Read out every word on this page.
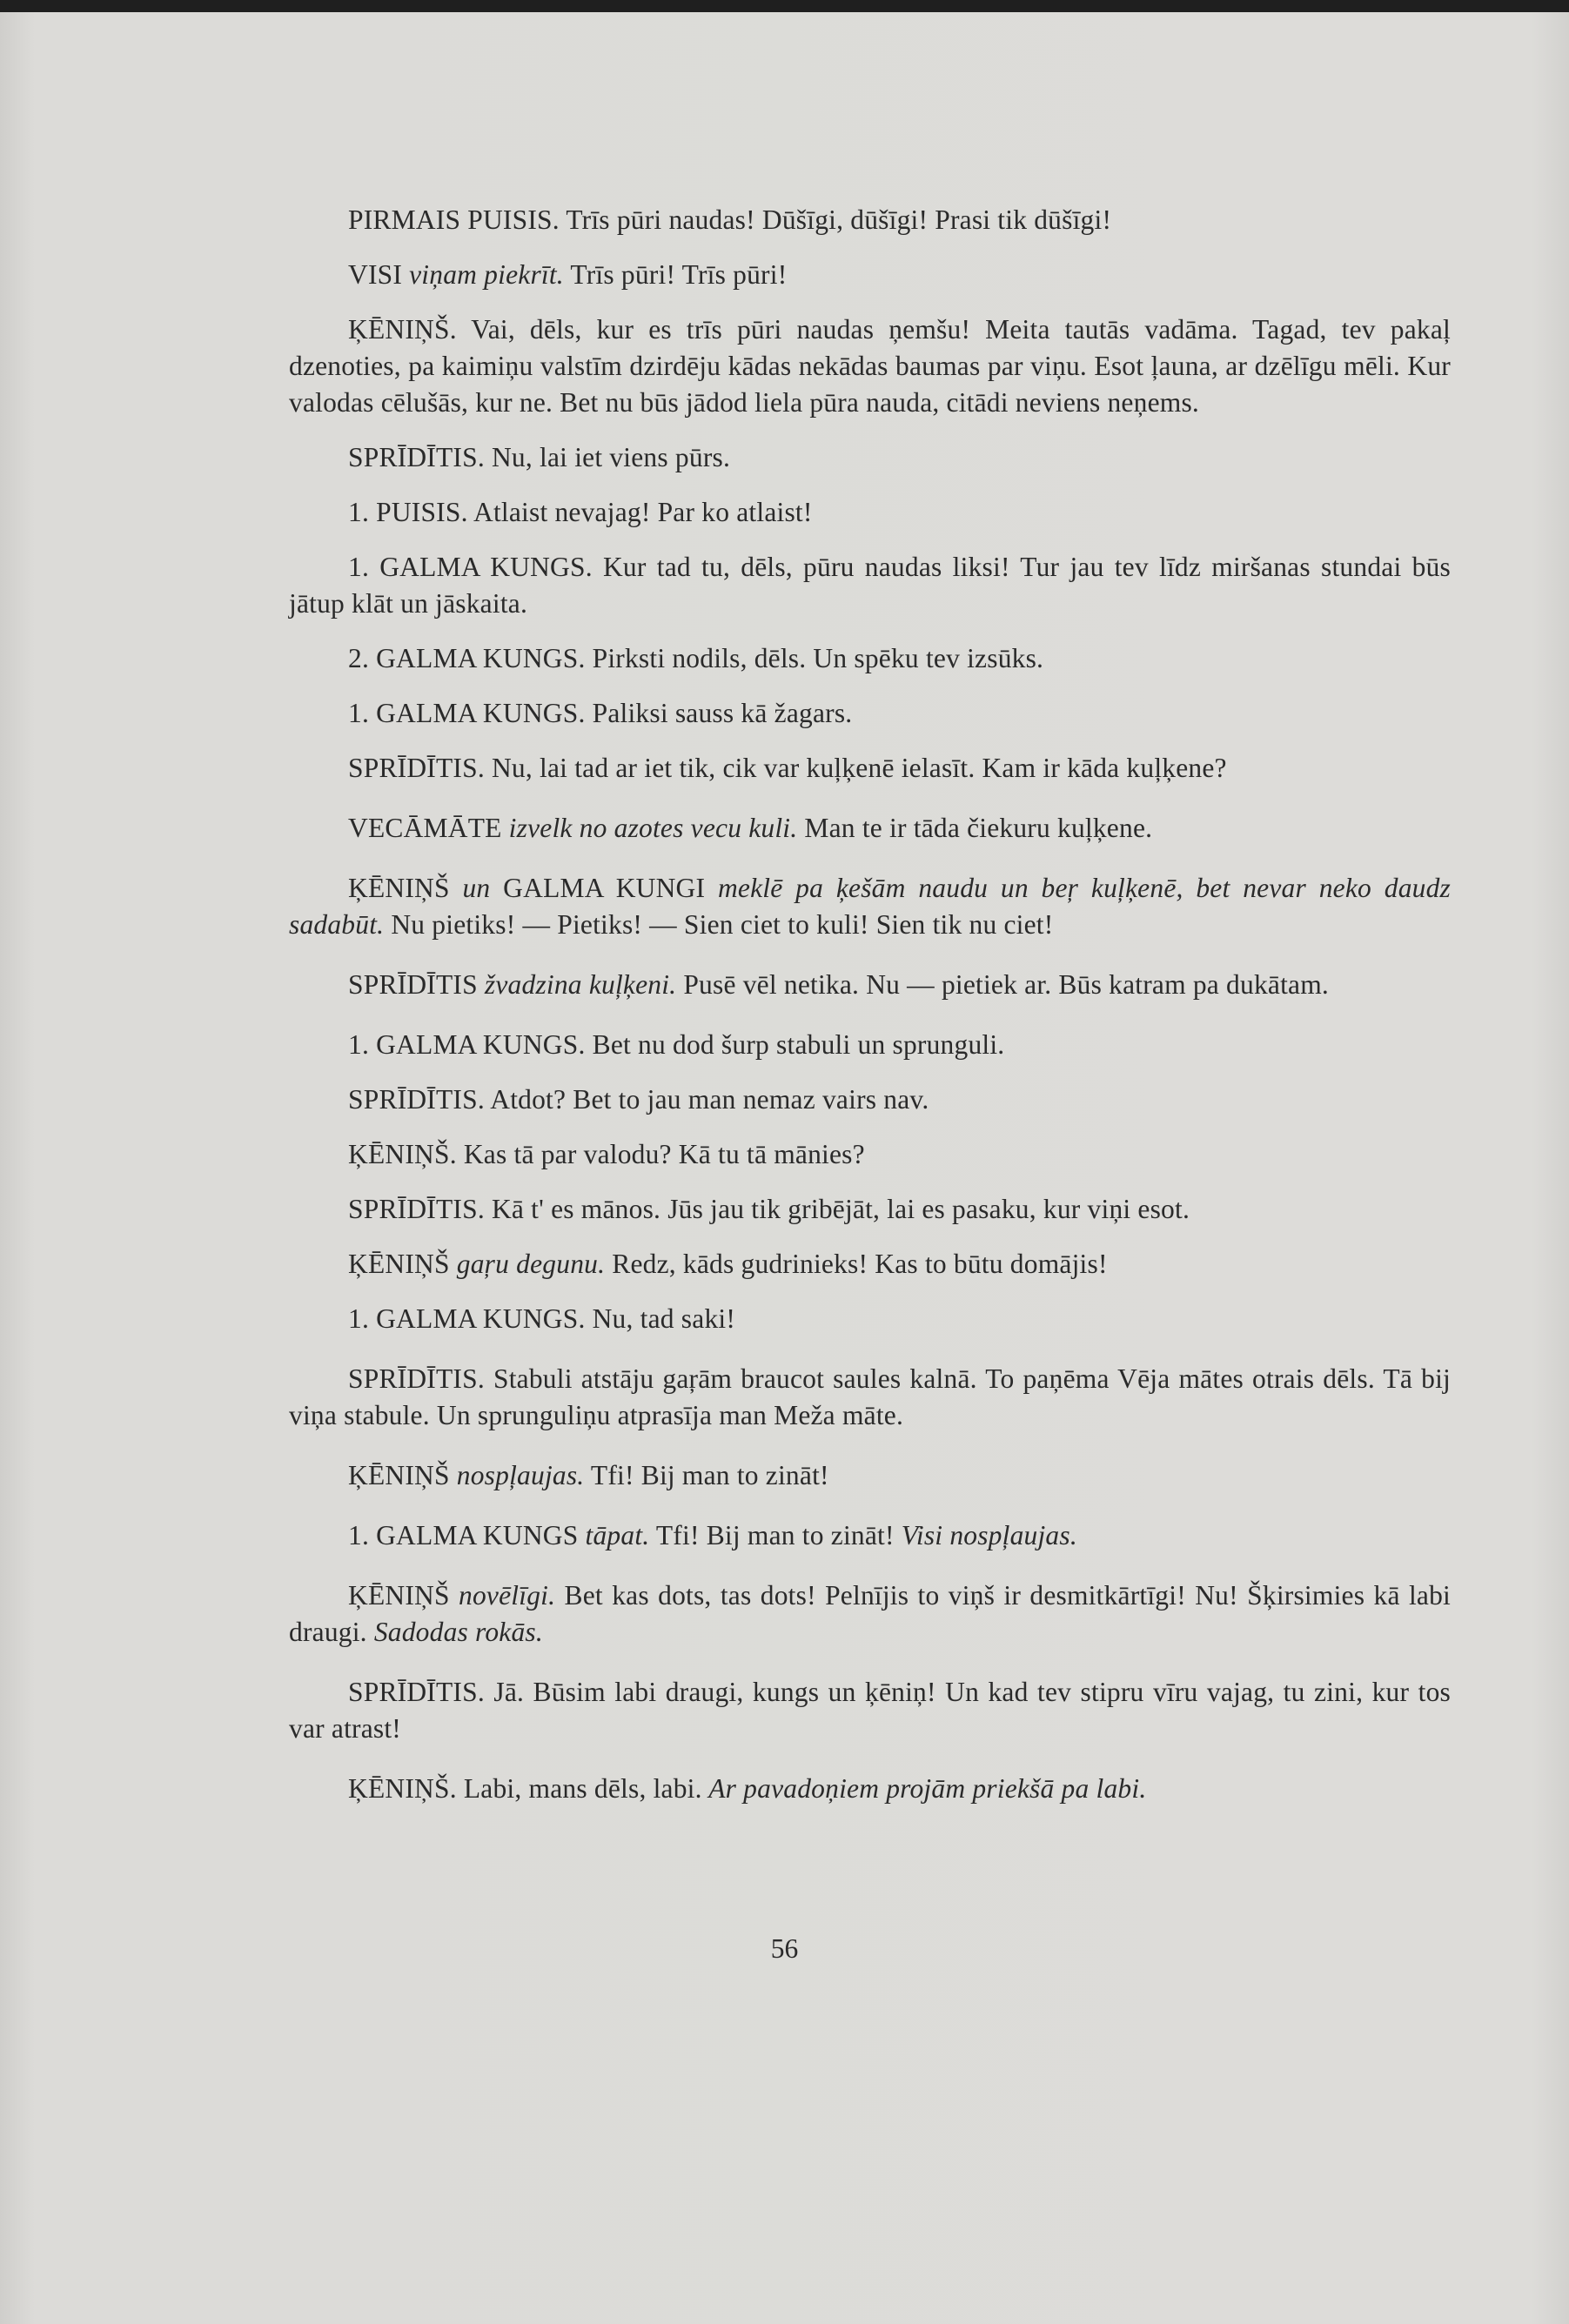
PIRMAIS PUISIS. Trīs pūri naudas! Dūšīgi, dūšīgi! Prasi tik dūšīgi!

VISI viņam piekrīt. Trīs pūri! Trīs pūri!

ĶĒNIŅŠ. Vai, dēls, kur es trīs pūri naudas ņemšu! Meita tautās vadāma. Tagad, tev pakaļ dzenoties, pa kaimiņu valstīm dzirdēju kādas nekādas baumas par viņu. Esot ļauna, ar dzēlīgu mēli. Kur valodas cēlušās, kur ne. Bet nu būs jādod liela pūra nauda, citādi neviens neņems.

SPRĪDĪTIS. Nu, lai iet viens pūrs.

1. PUISIS. Atlaist nevajag! Par ko atlaist!

1. GALMA KUNGS. Kur tad tu, dēls, pūru naudas liksi! Tur jau tev līdz miršanas stundai būs jātup klāt un jāskaita.

2. GALMA KUNGS. Pirksti nodils, dēls. Un spēku tev izsūks.

1. GALMA KUNGS. Paliksi sauss kā žagars.

SPRĪDĪTIS. Nu, lai tad ar iet tik, cik var kuļķenē ielasīt. Kam ir kāda kuļķene?

VECĀMĀTE izvelk no azotes vecu kuli. Man te ir tāda čiekuru kuļķene.

ĶĒNIŅŠ un GALMA KUNGI meklē pa ķešām naudu un beŗ kuļķenē, bet nevar neko daudz sadabūt. Nu pietiks! — Pietiks! — Sien ciet to kuli! Sien tik nu ciet!

SPRĪDĪTIS žvadzina kuļķeni. Pusē vēl netika. Nu — pietiek ar. Būs katram pa dukātam.

1. GALMA KUNGS. Bet nu dod šurp stabuli un sprunguli.

SPRĪDĪTIS. Atdot? Bet to jau man nemaz vairs nav.

ĶĒNIŅŠ. Kas tā par valodu? Kā tu tā mānies?

SPRĪDĪTIS. Kā t' es mānos. Jūs jau tik gribējāt, lai es pasaku, kur viņi esot.

ĶĒNIŅŠ gaŗu degunu. Redz, kāds gudrinieks! Kas to būtu domājis!

1. GALMA KUNGS. Nu, tad saki!

SPRĪDĪTIS. Stabuli atstāju gaŗām braucot saules kalnā. To paņēma Vēja mātes otrais dēls. Tā bij viņa stabule. Un sprunguliņu atprasīja man Meža māte.

ĶĒNIŅŠ nospļaujas. Tfi! Bij man to zināt!

1. GALMA KUNGS tāpat. Tfi! Bij man to zināt! Visi nospļaujas.

ĶĒNIŅŠ novēlīgi. Bet kas dots, tas dots! Pelnījis to viņš ir desmitkārtīgi! Nu! Šķirsimies kā labi draugi. Sadodas rokās.

SPRĪDĪTIS. Jā. Būsim labi draugi, kungs un ķēniņ! Un kad tev stipru vīru vajag, tu zini, kur tos var atrast!

ĶĒNIŅŠ. Labi, mans dēls, labi. Ar pavadoņiem projām priekšā pa labi.

56
